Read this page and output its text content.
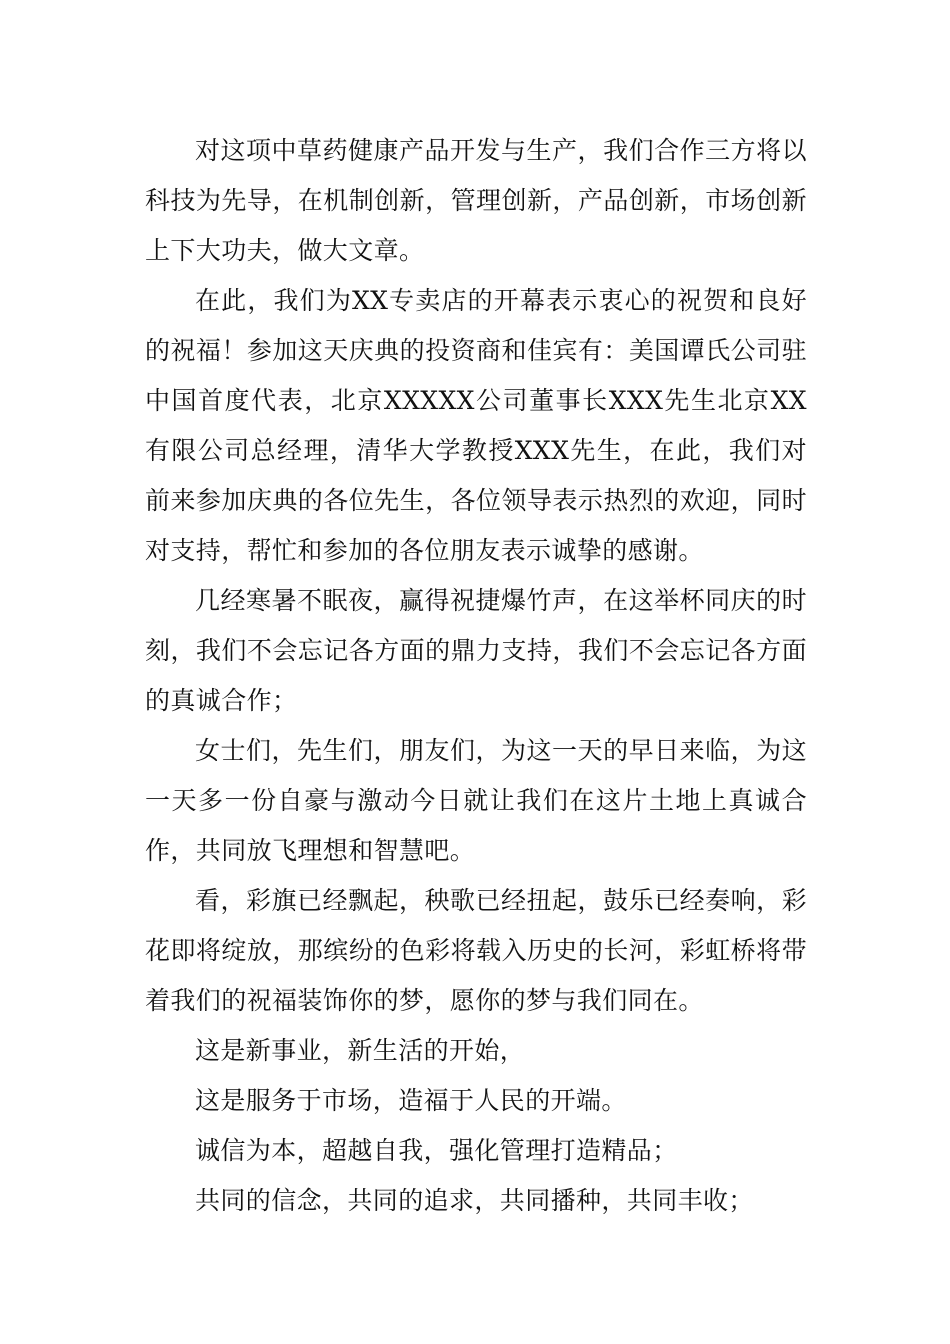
对这项中草药健康产品开发与生产，我们合作三方将以科技为先导，在机制创新，管理创新，产品创新，市场创新上下大功夫，做大文章。

在此，我们为XX专卖店的开幕表示衷心的祝贺和良好的祝福！参加这天庆典的投资商和佳宾有：美国谭氏公司驻中国首度代表，北京XXXXX公司董事长XXX先生北京XX有限公司总经理，清华大学教授XXX先生，在此，我们对前来参加庆典的各位先生，各位领导表示热烈的欢迎，同时对支持，帮忙和参加的各位朋友表示诚挚的感谢。

几经寒暑不眠夜，赢得祝捷爆竹声，在这举杯同庆的时刻，我们不会忘记各方面的鼎力支持，我们不会忘记各方面的真诚合作；

女士们，先生们，朋友们，为这一天的早日来临，为这一天多一份自豪与激动今日就让我们在这片土地上真诚合作，共同放飞理想和智慧吧。

看，彩旗已经飘起，秧歌已经扭起，鼓乐已经奏响，彩花即将绽放，那缤纷的色彩将载入历史的长河，彩虹桥将带着我们的祝福装饰你的梦，愿你的梦与我们同在。

这是新事业，新生活的开始，

这是服务于市场，造福于人民的开端。

诚信为本，超越自我，强化管理打造精品；

共同的信念，共同的追求，共同播种，共同丰收；
